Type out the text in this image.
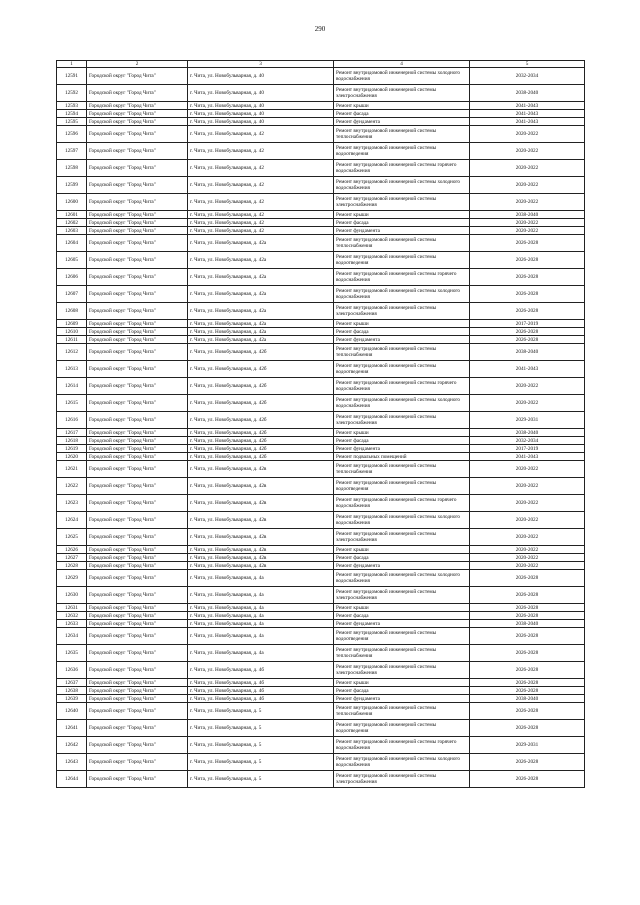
290
1	2	3	4	5
12591	Городской округ "Город Чита"	г. Чита, ул. Новобульварная, д. 40	Ремонт внутридомовой инженерной системы холодного водоснабжения	2032-2034
12592	Городской округ "Город Чита"	г. Чита, ул. Новобульварная, д. 40	Ремонт внутридомовой инженерной системы электроснабжения	2038-2040
12593	Городской округ "Город Чита"	г. Чита, ул. Новобульварная, д. 40	Ремонт крыши	2041-2043
12594	Городской округ "Город Чита"	г. Чита, ул. Новобульварная, д. 40	Ремонт фасада	2041-2043
12595	Городской округ "Город Чита"	г. Чита, ул. Новобульварная, д. 40	Ремонт фундамента	2041-2043
12596	Городской округ "Город Чита"	г. Чита, ул. Новобульварная, д. 42	Ремонт внутридомовой инженерной системы теплоснабжения	2020-2022
12597	Городской округ "Город Чита"	г. Чита, ул. Новобульварная, д. 42	Ремонт внутридомовой инженерной системы водоотведения	2020-2022
12598	Городской округ "Город Чита"	г. Чита, ул. Новобульварная, д. 42	Ремонт внутридомовой инженерной системы горячего водоснабжения	2020-2022
12599	Городской округ "Город Чита"	г. Чита, ул. Новобульварная, д. 42	Ремонт внутридомовой инженерной системы холодного водоснабжения	2020-2022
12600	Городской округ "Город Чита"	г. Чита, ул. Новобульварная, д. 42	Ремонт внутридомовой инженерной системы электроснабжения	2020-2022
12601	Городской округ "Город Чита"	г. Чита, ул. Новобульварная, д. 42	Ремонт крыши	2038-2040
12602	Городской округ "Город Чита"	г. Чита, ул. Новобульварная, д. 42	Ремонт фасада	2020-2022
12603	Городской округ "Город Чита"	г. Чита, ул. Новобульварная, д. 42	Ремонт фундамента	2020-2022
12604	Городской округ "Город Чита"	г. Чита, ул. Новобульварная, д. 42а	Ремонт внутридомовой инженерной системы теплоснабжения	2026-2028
12605	Городской округ "Город Чита"	г. Чита, ул. Новобульварная, д. 42а	Ремонт внутридомовой инженерной системы водоотведения	2026-2028
12606	Городской округ "Город Чита"	г. Чита, ул. Новобульварная, д. 42а	Ремонт внутридомовой инженерной системы горячего водоснабжения	2026-2028
12607	Городской округ "Город Чита"	г. Чита, ул. Новобульварная, д. 42а	Ремонт внутридомовой инженерной системы холодного водоснабжения	2026-2028
12608	Городской округ "Город Чита"	г. Чита, ул. Новобульварная, д. 42а	Ремонт внутридомовой инженерной системы электроснабжения	2026-2028
12609	Городской округ "Город Чита"	г. Чита, ул. Новобульварная, д. 42а	Ремонт крыши	2017-2019
12610	Городской округ "Город Чита"	г. Чита, ул. Новобульварная, д. 42а	Ремонт фасада	2026-2028
12611	Городской округ "Город Чита"	г. Чита, ул. Новобульварная, д. 42а	Ремонт фундамента	2026-2028
12612	Городской округ "Город Чита"	г. Чита, ул. Новобульварная, д. 42б	Ремонт внутридомовой инженерной системы теплоснабжения	2038-2040
12613	Городской округ "Город Чита"	г. Чита, ул. Новобульварная, д. 42б	Ремонт внутридомовой инженерной системы водоотведения	2041-2043
12614	Городской округ "Город Чита"	г. Чита, ул. Новобульварная, д. 42б	Ремонт внутридомовой инженерной системы горячего водоснабжения	2020-2022
12615	Городской округ "Город Чита"	г. Чита, ул. Новобульварная, д. 42б	Ремонт внутридомовой инженерной системы холодного водоснабжения	2020-2022
12616	Городской округ "Город Чита"	г. Чита, ул. Новобульварная, д. 42б	Ремонт внутридомовой инженерной системы электроснабжения	2029-2031
12617	Городской округ "Город Чита"	г. Чита, ул. Новобульварная, д. 42б	Ремонт крыши	2038-2040
12618	Городской округ "Город Чита"	г. Чита, ул. Новобульварная, д. 42б	Ремонт фасада	2032-2034
12619	Городской округ "Город Чита"	г. Чита, ул. Новобульварная, д. 42б	Ремонт фундамента	2017-2019
12620	Городской округ "Город Чита"	г. Чита, ул. Новобульварная, д. 42б	Ремонт подвальных помещений	2041-2043
12621	Городской округ "Город Чита"	г. Чита, ул. Новобульварная, д. 42в	Ремонт внутридомовой инженерной системы теплоснабжения	2020-2022
12622	Городской округ "Город Чита"	г. Чита, ул. Новобульварная, д. 42в	Ремонт внутридомовой инженерной системы водоотведения	2020-2022
12623	Городской округ "Город Чита"	г. Чита, ул. Новобульварная, д. 42в	Ремонт внутридомовой инженерной системы горячего водоснабжения	2020-2022
12624	Городской округ "Город Чита"	г. Чита, ул. Новобульварная, д. 42в	Ремонт внутридомовой инженерной системы холодного водоснабжения	2020-2022
12625	Городской округ "Город Чита"	г. Чита, ул. Новобульварная, д. 42в	Ремонт внутридомовой инженерной системы электроснабжения	2020-2022
12626	Городской округ "Город Чита"	г. Чита, ул. Новобульварная, д. 42в	Ремонт крыши	2020-2022
12627	Городской округ "Город Чита"	г. Чита, ул. Новобульварная, д. 42в	Ремонт фасада	2020-2022
12628	Городской округ "Город Чита"	г. Чита, ул. Новобульварная, д. 42в	Ремонт фундамента	2020-2022
12629	Городской округ "Город Чита"	г. Чита, ул. Новобульварная, д. 4а	Ремонт внутридомовой инженерной системы холодного водоснабжения	2026-2028
12630	Городской округ "Город Чита"	г. Чита, ул. Новобульварная, д. 4а	Ремонт внутридомовой инженерной системы электроснабжения	2026-2028
12631	Городской округ "Город Чита"	г. Чита, ул. Новобульварная, д. 4а	Ремонт крыши	2026-2028
12632	Городской округ "Город Чита"	г. Чита, ул. Новобульварная, д. 4а	Ремонт фасада	2026-2028
12633	Городской округ "Город Чита"	г. Чита, ул. Новобульварная, д. 4а	Ремонт фундамента	2038-2040
12634	Городской округ "Город Чита"	г. Чита, ул. Новобульварная, д. 4а	Ремонт внутридомовой инженерной системы водоотведения	2026-2028
12635	Городской округ "Город Чита"	г. Чита, ул. Новобульварная, д. 4а	Ремонт внутридомовой инженерной системы теплоснабжения	2026-2028
12636	Городской округ "Город Чита"	г. Чита, ул. Новобульварная, д. 4б	Ремонт внутридомовой инженерной системы электроснабжения	2026-2028
12637	Городской округ "Город Чита"	г. Чита, ул. Новобульварная, д. 4б	Ремонт крыши	2026-2028
12638	Городской округ "Город Чита"	г. Чита, ул. Новобульварная, д. 4б	Ремонт фасада	2026-2028
12639	Городской округ "Город Чита"	г. Чита, ул. Новобульварная, д. 4б	Ремонт фундамента	2038-2040
12640	Городской округ "Город Чита"	г. Чита, ул. Новобульварная, д. 5	Ремонт внутридомовой инженерной системы теплоснабжения	2026-2028
12641	Городской округ "Город Чита"	г. Чита, ул. Новобульварная, д. 5	Ремонт внутридомовой инженерной системы водоотведения	2026-2028
12642	Городской округ "Город Чита"	г. Чита, ул. Новобульварная, д. 5	Ремонт внутридомовой инженерной системы горячего водоснабжения	2029-2031
12643	Городской округ "Город Чита"	г. Чита, ул. Новобульварная, д. 5	Ремонт внутридомовой инженерной системы холодного водоснабжения	2026-2028
12644	Городской округ "Город Чита"	г. Чита, ул. Новобульварная, д. 5	Ремонт внутридомовой инженерной системы электроснабжения	2026-2028
